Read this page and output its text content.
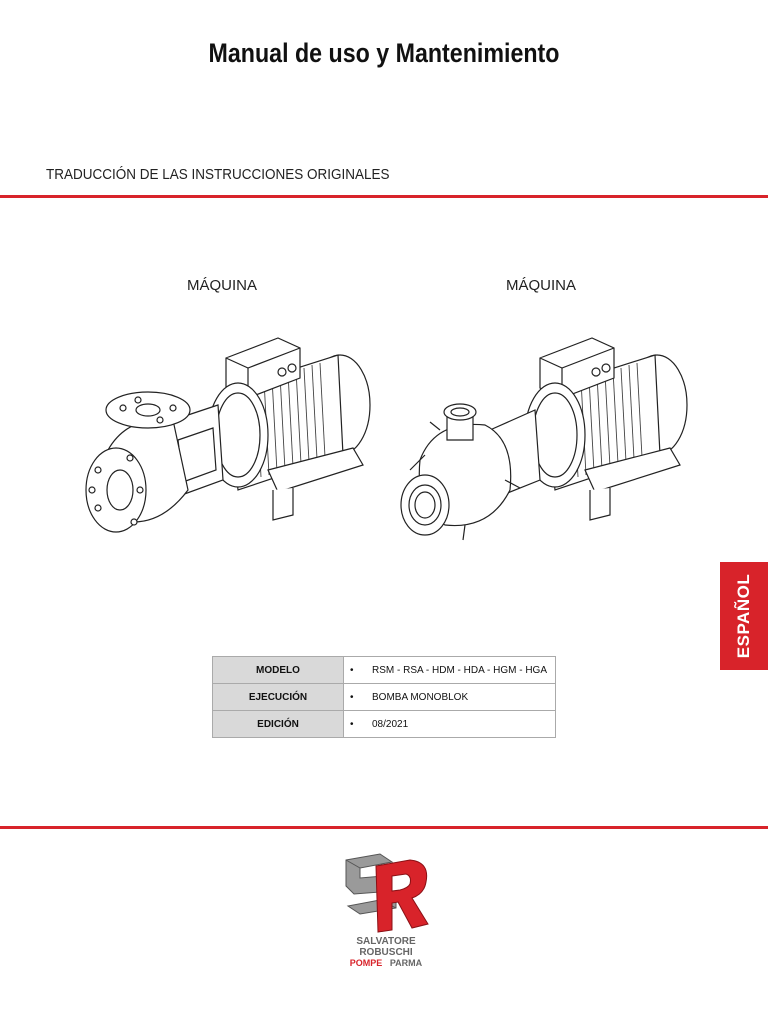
Manual de uso y Mantenimiento
TRADUCCIÓN DE LAS INSTRUCCIONES ORIGINALES
MÁQUINA	MÁQUINA
ESPAÑOL
MODELO	• RSM - RSA - HDM - HDA - HGM - HGA
EJECUCIÓN	• BOMBA MONOBLOK
EDICIÓN	• 08/2021
SALVATORE
ROBUSCHI
POMPE PARMA
